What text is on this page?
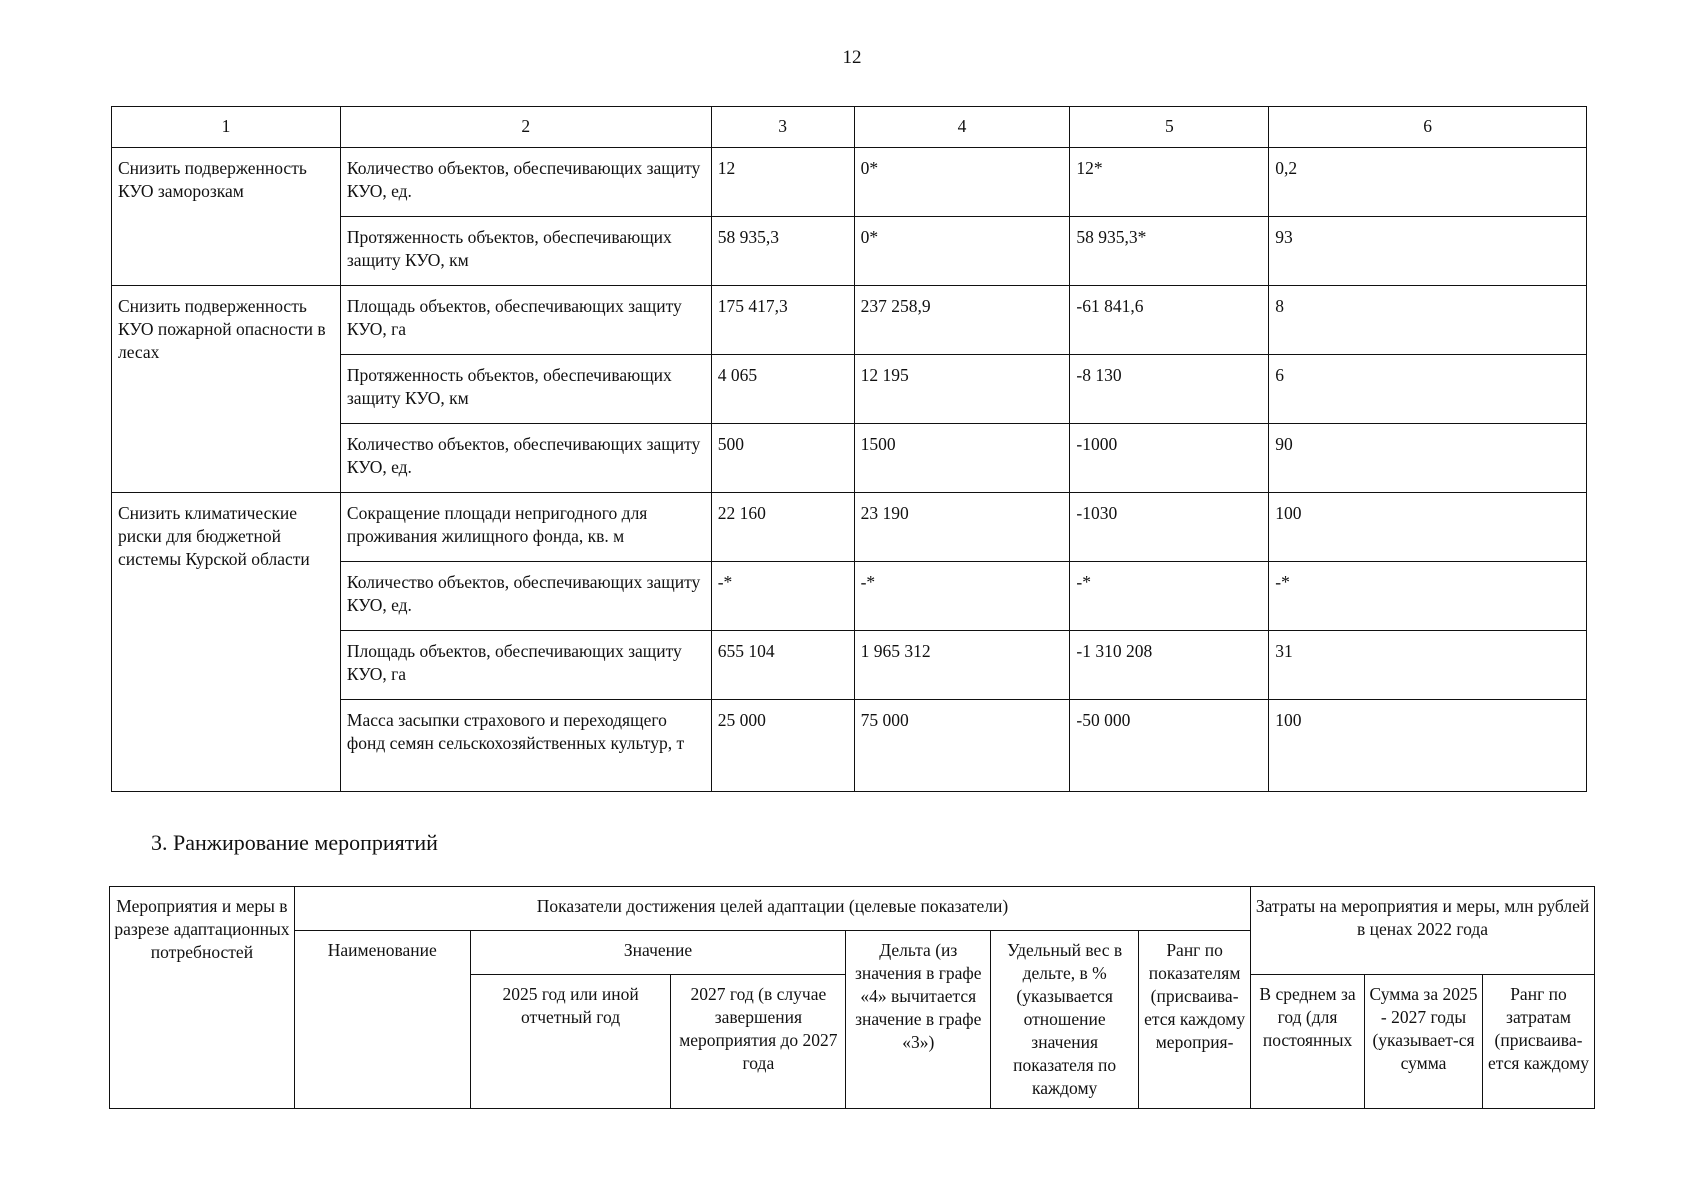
12
1	2	3	4	5	6
Снизить подверженность КУО заморозкам	Количество объектов, обеспечивающих защиту КУО, ед.	12	0*	12*	0,2
	Протяженность объектов, обеспечивающих защиту КУО, км	58 935,3	0*	58 935,3*	93
Снизить подверженность КУО пожарной опасности в лесах	Площадь объектов, обеспечивающих защиту КУО, га	175 417,3	237 258,9	-61 841,6	8
	Протяженность объектов, обеспечивающих защиту КУО, км	4 065	12 195	-8 130	6
	Количество объектов, обеспечивающих защиту КУО, ед.	500	1500	-1000	90
Снизить климатические риски для бюджетной системы Курской области	Сокращение площади непригодного для проживания жилищного фонда, кв. м	22 160	23 190	-1030	100
	Количество объектов, обеспечивающих защиту КУО, ед.	-*	-*	-*	-*
	Площадь объектов, обеспечивающих защиту КУО, га	655 104	1 965 312	-1 310 208	31
	Масса засыпки страхового и переходящего фонд семян сельскохозяйственных культур, т	25 000	75 000	-50 000	100
3. Ранжирование мероприятий
Мероприятия и меры в разрезе адаптационных потребностей	Показатели достижения целей адаптации (целевые показатели)						Затраты на мероприятия и меры, млн рублей в ценах 2022 года		
	Наименование	Значение		Дельта (из значения в графе «4» вычитается значение в графе «3»)	Удельный вес в дельте, в % (указывается отношение значения показателя по каждому	Ранг по показателям (присваива-ется каждому мероприя-			
		2025 год или иной отчетный год	2027 год (в случае завершения мероприятия до 2027 года				В среднем за год (для постоянных	Сумма за 2025 - 2027 годы (указывает-ся сумма	Ранг по затратам (присваива-ется каждому
